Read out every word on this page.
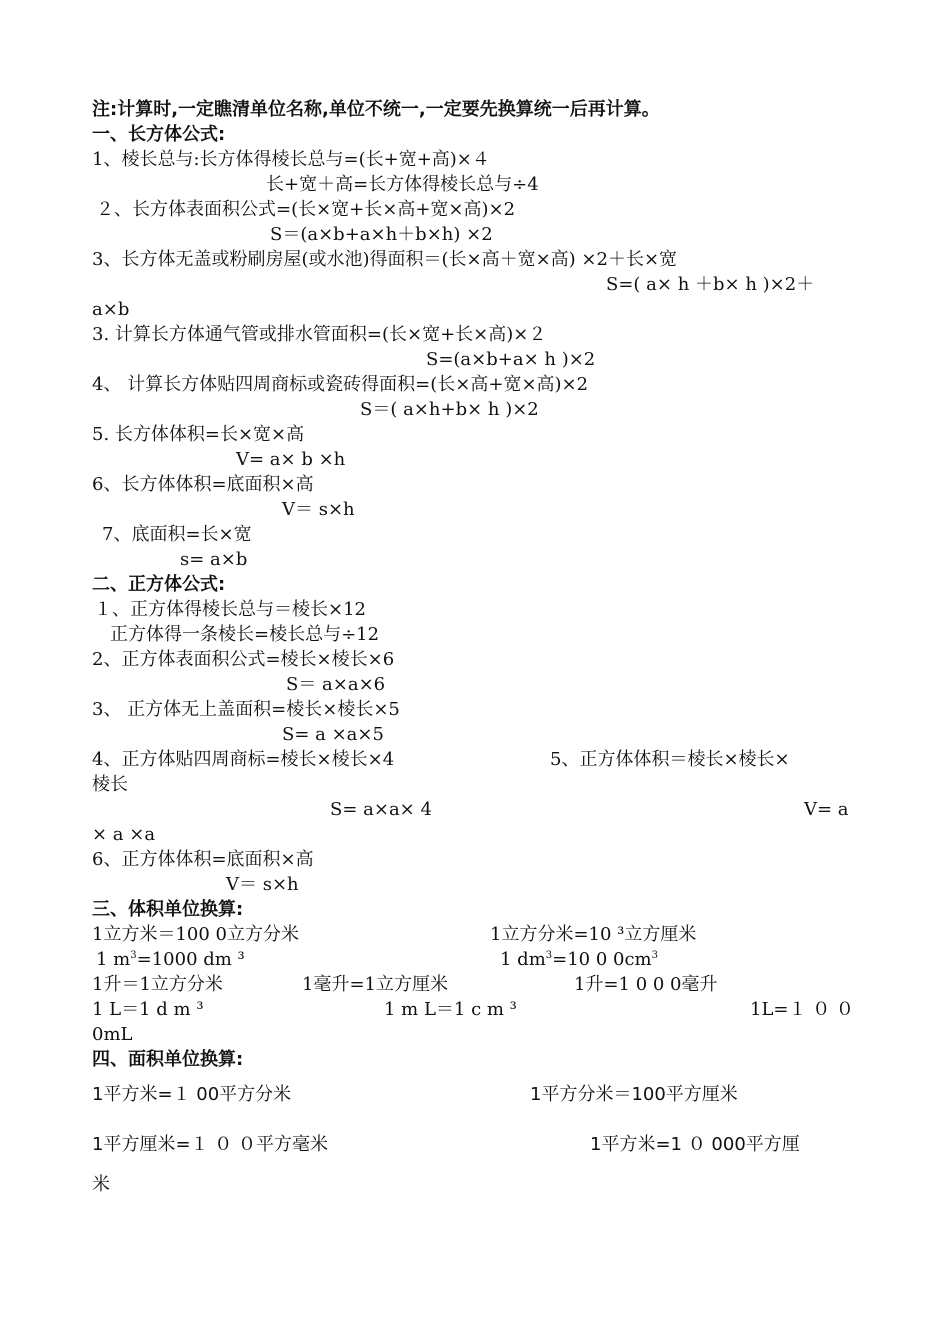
注:计算时,一定瞧清单位名称,单位不统一,一定要先换算统一后再计算。
一、长方体公式:
1、棱长总与:长方体得棱长总与=(长+宽+高)×４
长+宽＋高=长方体得棱长总与÷4
２、长方体表面积公式=(长×宽+长×高+宽×高)×2
S＝(a×b+a×h＋b×h) ×2
3、长方体无盖或粉刷房屋(或水池)得面积＝(长×高＋宽×高) ×2＋长×宽
S=( a× h ＋b× h )×2＋
a×b
3. 计算长方体通气管或排水管面积=(长×宽+长×高)×２
S=(a×b+a× h )×2
4、 计算长方体贴四周商标或瓷砖得面积=(长×高+宽×高)×2
S＝( a×h+b× h )×2
5. 长方体体积=长×宽×高
V= a× b ×h
6、长方体体积=底面积×高
V＝ s×h
7、底面积=长×宽
s= a×b
二、正方体公式:
１、正方体得棱长总与＝棱长×12
正方体得一条棱长=棱长总与÷12
2、正方体表面积公式=棱长×棱长×6
S＝ a×a×6
3、 正方体无上盖面积=棱长×棱长×5
S= a ×a×5
4、正方体贴四周商标=棱长×棱长×4	5、正方体体积＝棱长×棱长×
棱长
S= a×a× 4	V= a
× a ×a
6、正方体体积=底面积×高
V＝ s×h
三、体积单位换算:
1立方米＝100 0立方分米	1立方分米=10 ³立方厘米
1 $m^3=1000$ dm ³	1 $dm^3=10$ 0 $0cm^3$
1升＝1立方分米	1毫升=1立方厘米	1升=1 0 0 0毫升
1 L＝1 d m ³	1 m L＝1 c m ³	1L=１ ０ ０
0mL
四、面积单位换算:
1平方米=１ 00平方分米	1平方分米＝100平方厘米
1平方厘米=１ ０ ０平方毫米	1平方米=1 ０ 000平方厘
米
